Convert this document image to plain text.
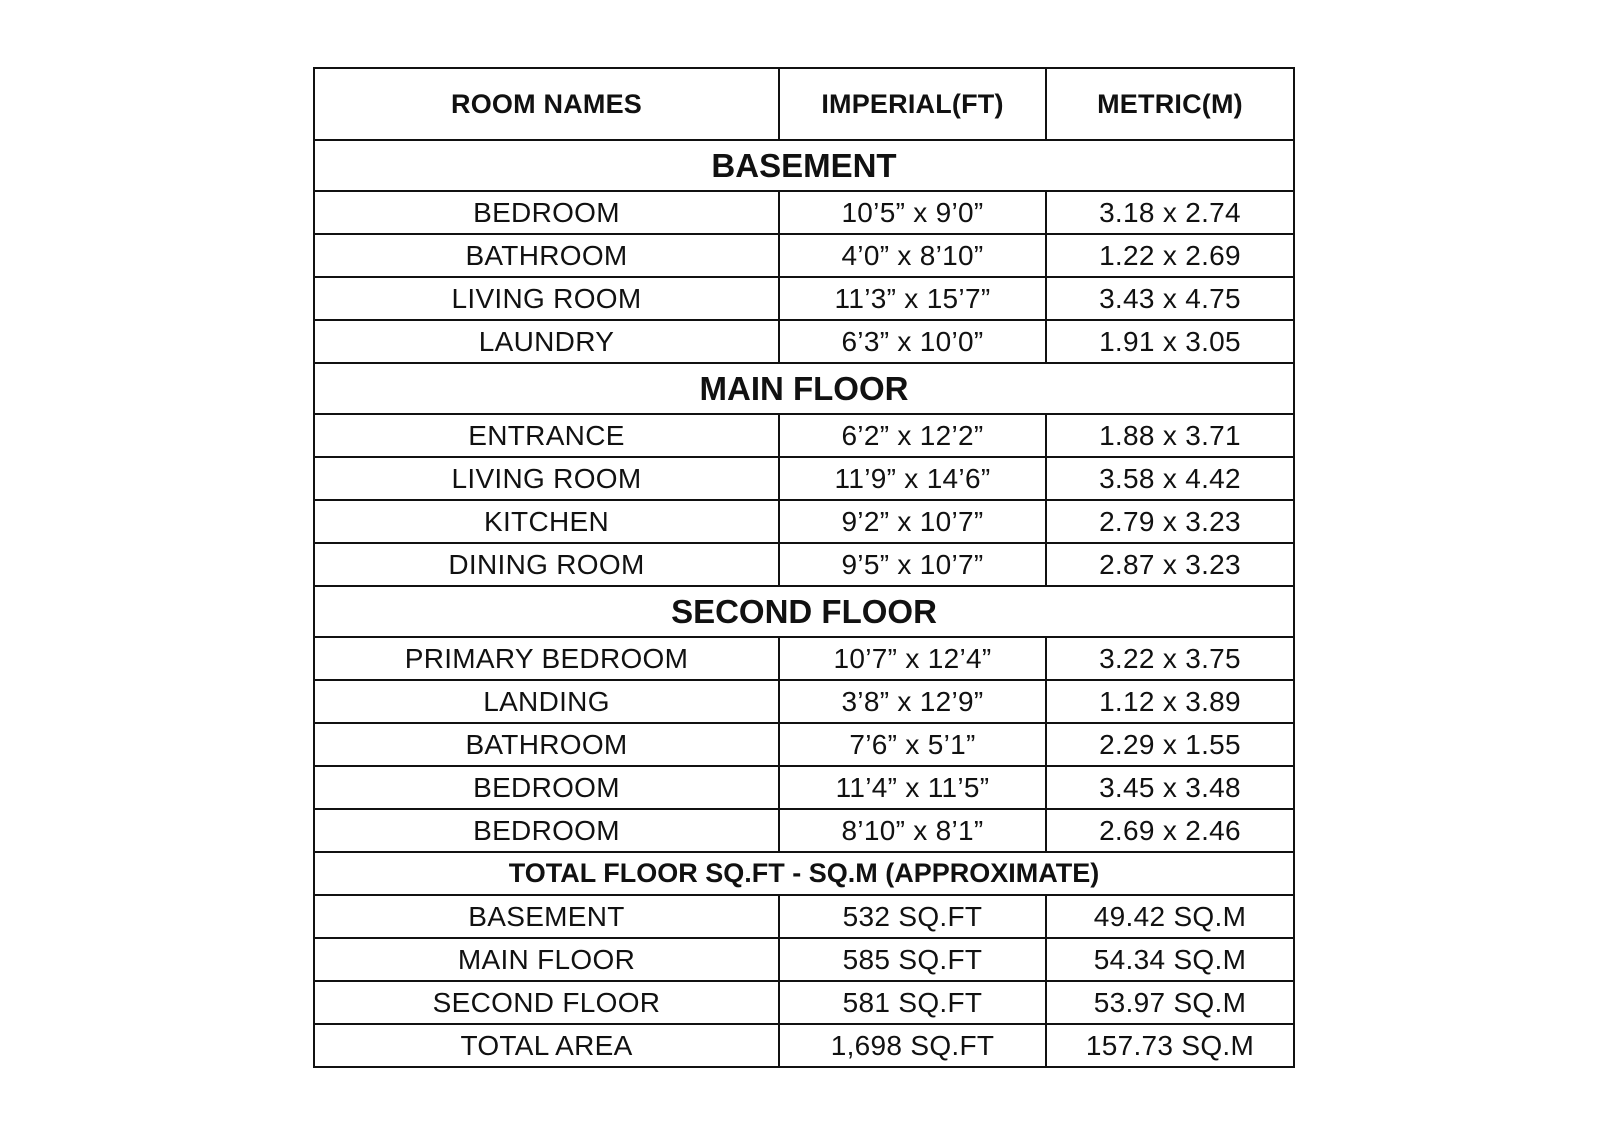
ROOM NAMES	IMPERIAL(FT)	METRIC(M)
BASEMENT		
BEDROOM	10’5” x 9’0”	3.18 x 2.74
BATHROOM	4’0” x 8’10”	1.22 x 2.69
LIVING ROOM	11’3” x 15’7”	3.43 x 4.75
LAUNDRY	6’3” x 10’0”	1.91 x 3.05
MAIN FLOOR		
ENTRANCE	6’2” x 12’2”	1.88 x 3.71
LIVING ROOM	11’9” x 14’6”	3.58 x 4.42
KITCHEN	9’2” x 10’7”	2.79 x 3.23
DINING ROOM	9’5” x 10’7”	2.87 x 3.23
SECOND FLOOR		
PRIMARY BEDROOM	10’7” x 12’4”	3.22 x 3.75
LANDING	3’8” x 12’9”	1.12 x 3.89
BATHROOM	7’6” x 5’1”	2.29 x 1.55
BEDROOM	11’4” x 11’5”	3.45 x 3.48
BEDROOM	8’10” x 8’1”	2.69 x 2.46
TOTAL FLOOR SQ.FT - SQ.M (APPROXIMATE)		
BASEMENT	532 SQ.FT	49.42 SQ.M
MAIN FLOOR	585 SQ.FT	54.34 SQ.M
SECOND FLOOR	581 SQ.FT	53.97 SQ.M
TOTAL AREA	1,698 SQ.FT	157.73 SQ.M
